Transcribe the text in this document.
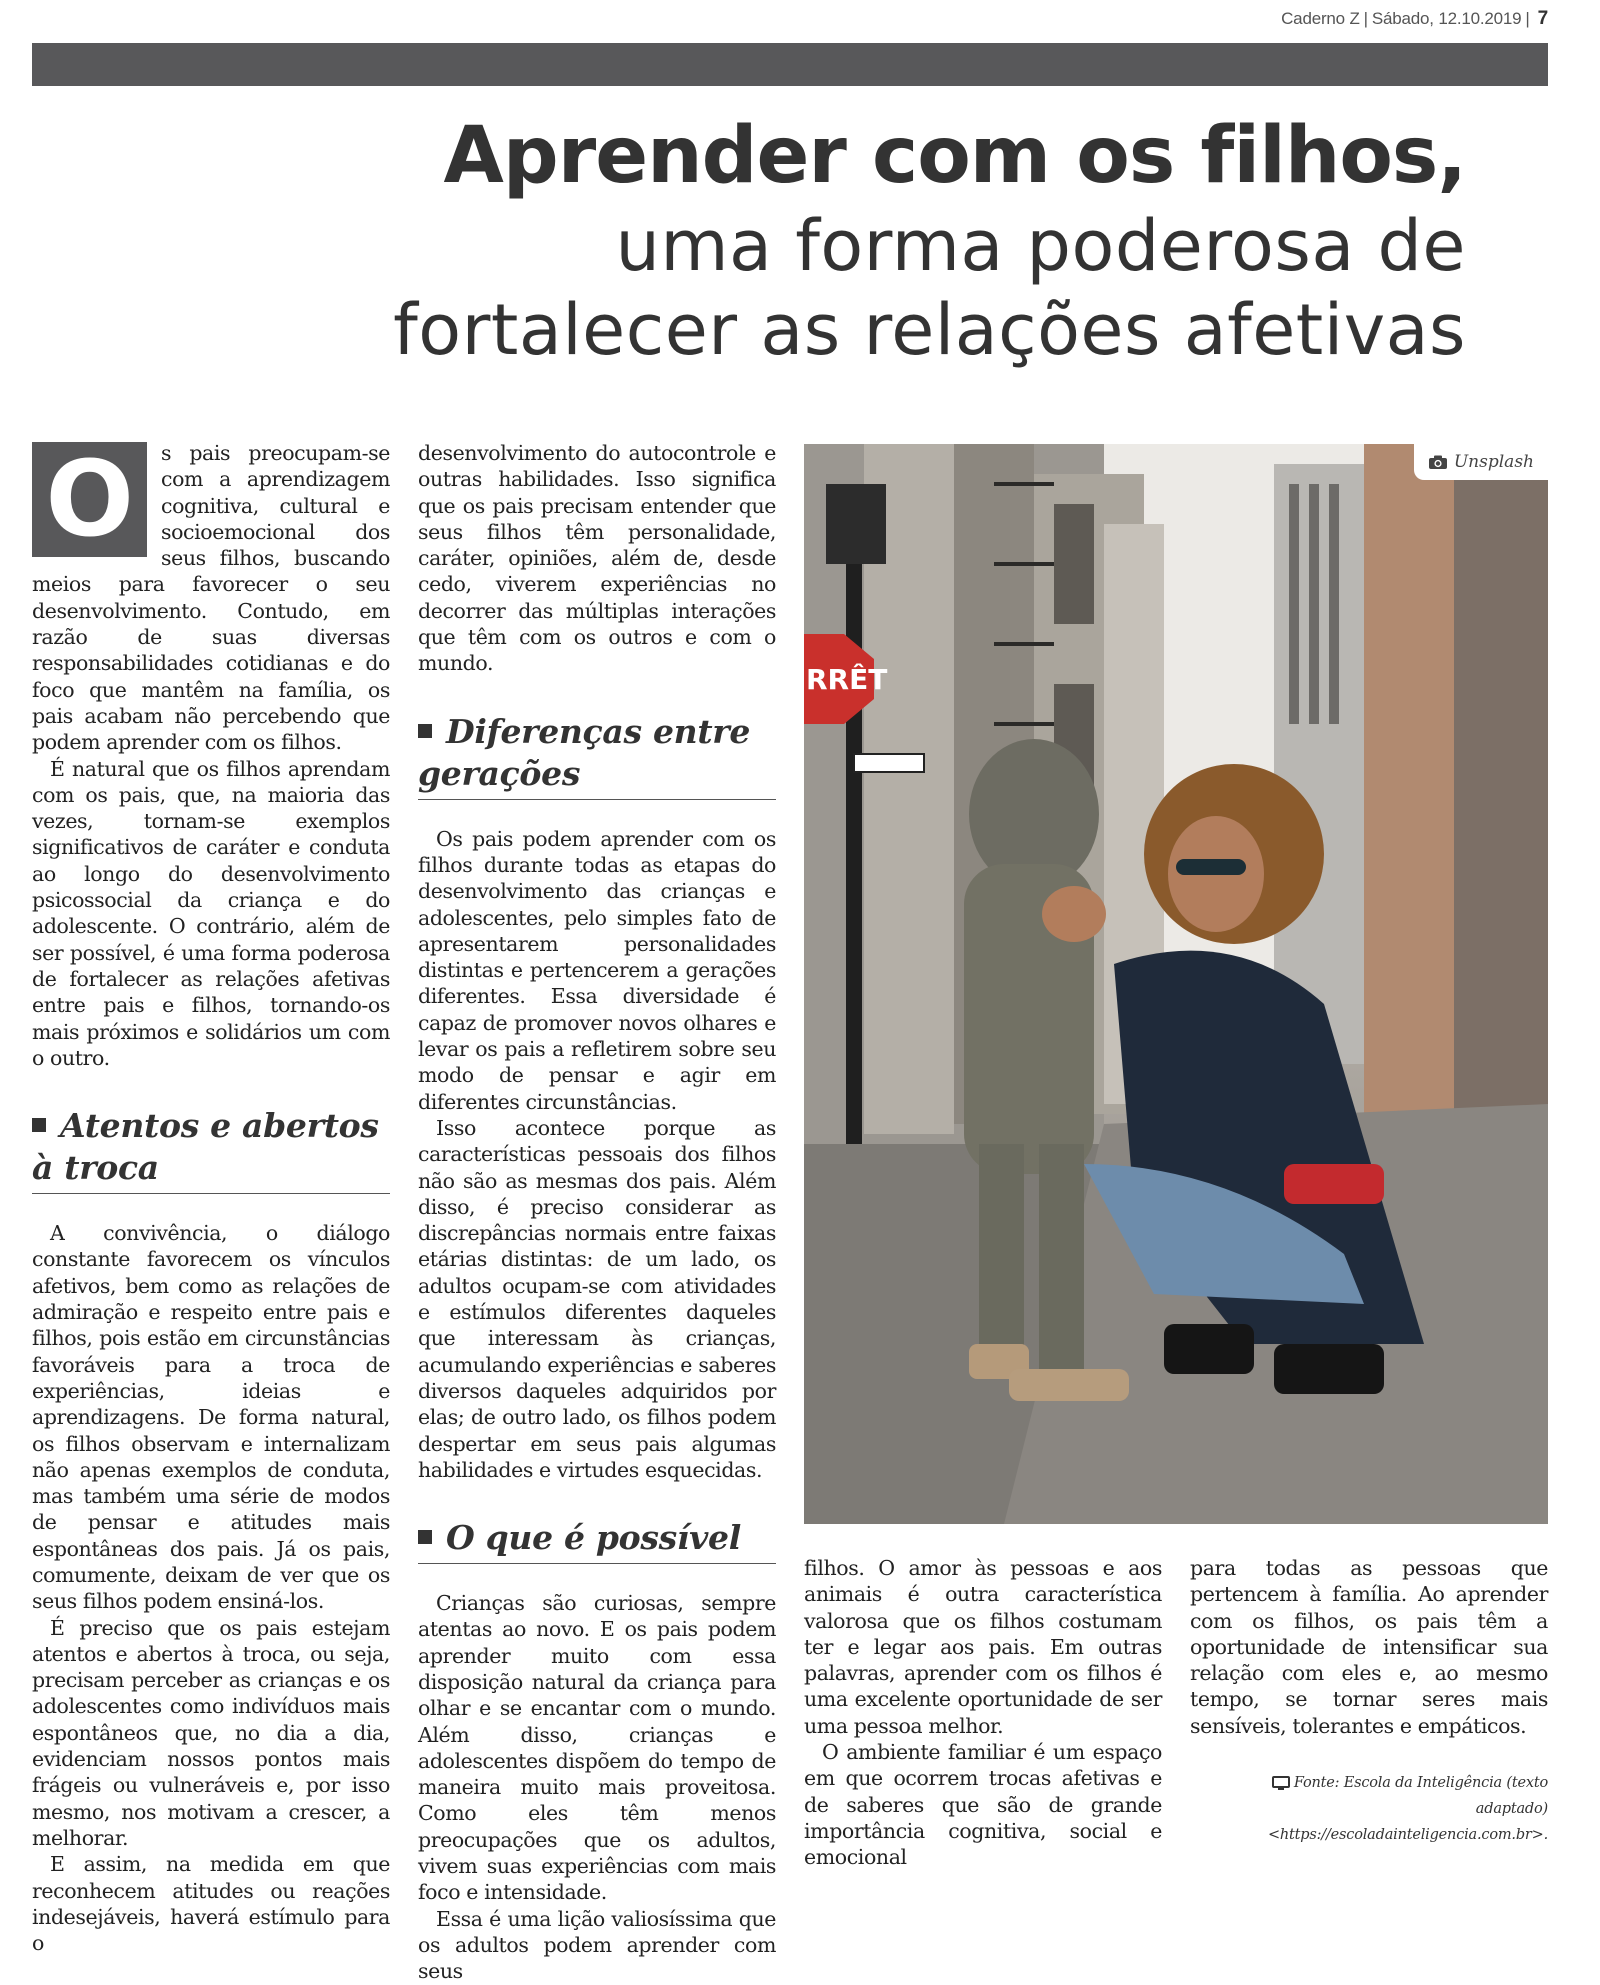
Caderno Z | Sábado, 12.10.2019 | 7
Aprender com os filhos,
uma forma poderosa de
fortalecer as relações afetivas
O	s pais preocupam-se com a aprendizagem cognitiva, cultural e socioemocional dos seus filhos, buscando meios para favorecer o seu desenvolvimento. Contudo, em razão de suas diversas responsabilidades cotidianas e do foco que mantêm na família, os pais acabam não percebendo que podem aprender com os filhos.

É natural que os filhos aprendam com os pais, que, na maioria das vezes, tornam-se exemplos significativos de caráter e conduta ao longo do desenvolvimento psicossocial da criança e do adolescente. O contrário, além de ser possível, é uma forma poderosa de fortalecer as relações afetivas entre pais e filhos, tornando-os mais próximos e solidários um com o outro.

Atentos e abertos à troca

A convivência, o diálogo constante favorecem os vínculos afetivos, bem como as relações de admiração e respeito entre pais e filhos, pois estão em circunstâncias favoráveis para a troca de experiências, ideias e aprendizagens. De forma natural, os filhos observam e internalizam não apenas exemplos de conduta, mas também uma série de modos de pensar e atitudes mais espontâneas dos pais. Já os pais, comumente, deixam de ver que os seus filhos podem ensiná-los.

É preciso que os pais estejam atentos e abertos à troca, ou seja, precisam perceber as crianças e os adolescentes como indivíduos mais espontâneos que, no dia a dia, evidenciam nossos pontos mais frágeis ou vulneráveis e, por isso mesmo, nos motivam a crescer, a melhorar.

E assim, na medida em que reconhecem atitudes ou reações indesejáveis, haverá estímulo para o

desenvolvimento do autocontrole e outras habilidades. Isso significa que os pais precisam entender que seus filhos têm personalidade, caráter, opiniões, além de, desde cedo, viverem experiências no decorrer das múltiplas interações que têm com os outros e com o mundo.

Diferenças entre gerações

Os pais podem aprender com os filhos durante todas as etapas do desenvolvimento das crianças e adolescentes, pelo simples fato de apresentarem personalidades distintas e pertencerem a gerações diferentes. Essa diversidade é capaz de promover novos olhares e levar os pais a refletirem sobre seu modo de pensar e agir em diferentes circunstâncias.

Isso acontece porque as características pessoais dos filhos não são as mesmas dos pais. Além disso, é preciso considerar as discrepâncias normais entre faixas etárias distintas: de um lado, os adultos ocupam-se com atividades e estímulos diferentes daqueles que interessam às crianças, acumulando experiências e saberes diversos daqueles adquiridos por elas; de outro lado, os filhos podem despertar em seus pais algumas habilidades e virtudes esquecidas.

O que é possível

Crianças são curiosas, sempre atentas ao novo. E os pais podem aprender muito com essa disposição natural da criança para olhar e se encantar com o mundo. Além disso, crianças e adolescentes dispõem do tempo de maneira muito mais proveitosa. Como eles têm menos preocupações que os adultos, vivem suas experiências com mais foco e intensidade.

Essa é uma lição valiosíssima que os adultos podem aprender com seus

RRÊT
Unsplash

filhos. O amor às pessoas e aos animais é outra característica valorosa que os filhos costumam ter e legar aos pais. Em outras palavras, aprender com os filhos é uma excelente oportunidade de ser uma pessoa melhor.

O ambiente familiar é um espaço em que ocorrem trocas afetivas e de saberes que são de grande importância cognitiva, social e emocional

para todas as pessoas que pertencem à família. Ao aprender com os filhos, os pais têm a oportunidade de intensificar sua relação com eles e, ao mesmo tempo, se tornar seres mais sensíveis, tolerantes e empáticos.

Fonte: Escola da Inteligência (texto adaptado)
<https://escoladainteligencia.com.br>.
